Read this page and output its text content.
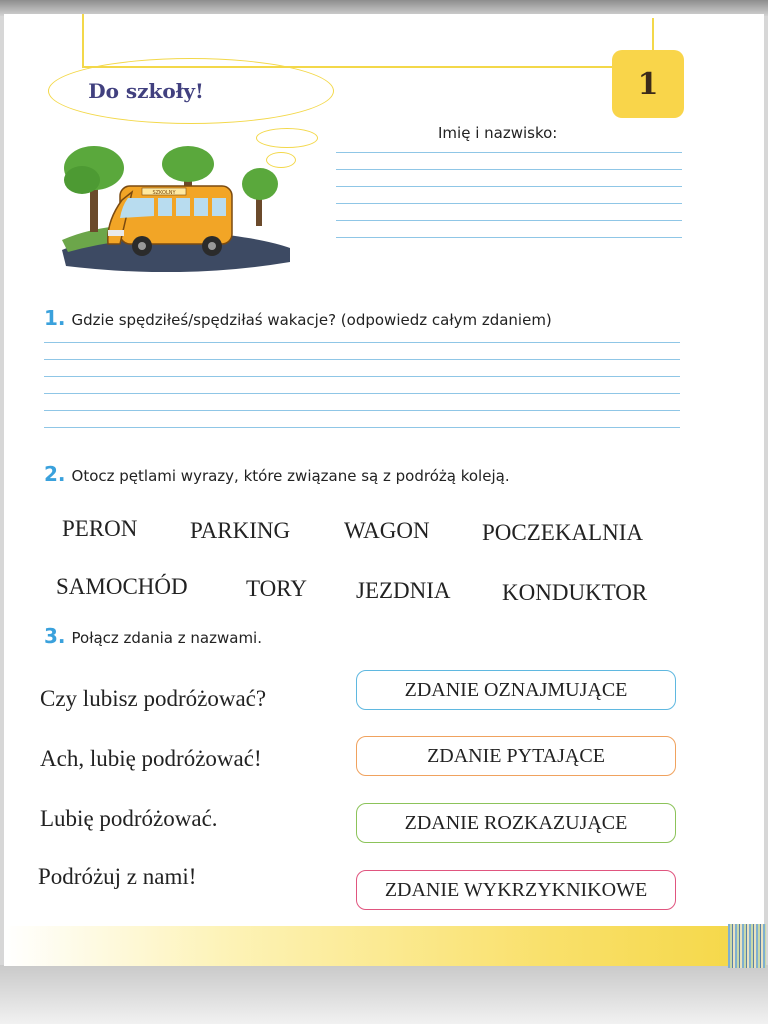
1
Do szkoły!
SZKOLNY
Imię i nazwisko:
1. Gdzie spędziłeś/spędziłaś wakacje? (odpowiedz całym zdaniem)
2. Otocz pętlami wyrazy, które związane są z podróżą koleją.
PERON PARKING WAGON POCZEKALNIA
SAMOCHÓD	TORY JEZDNIA KONDUKTOR
3. Połącz zdania z nazwami.
Czy lubisz podróżować?
Ach, lubię podróżować!
Lubię podróżować.
Podróżuj z nami!
ZDANIE OZNAJMUJĄCE
ZDANIE PYTAJĄCE
ZDANIE ROZKAZUJĄCE
ZDANIE WYKRZYKNIKOWE
